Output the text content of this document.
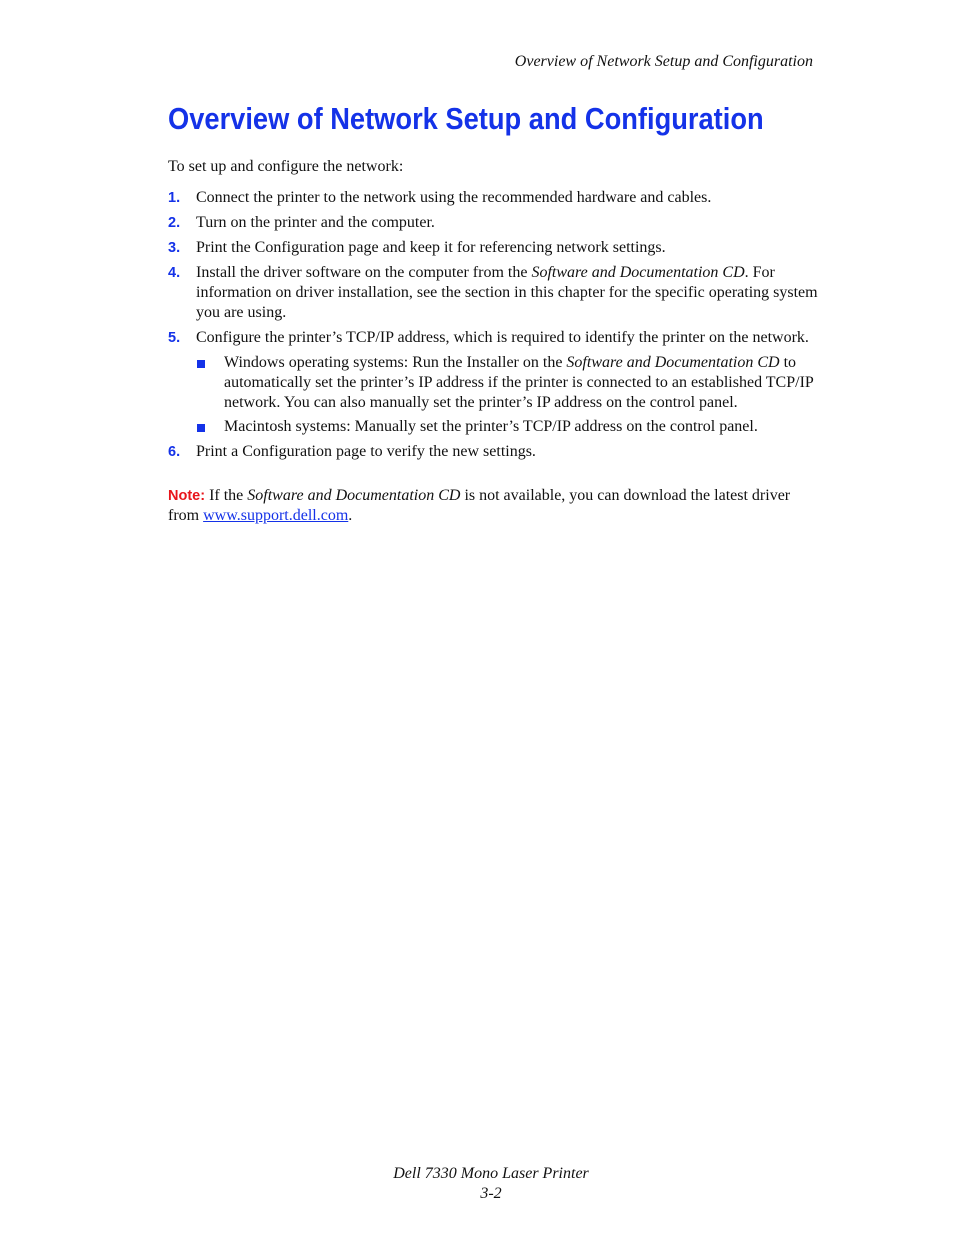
Overview of Network Setup and Configuration
Overview of Network Setup and Configuration

To set up and configure the network:

1. Connect the printer to the network using the recommended hardware and cables.
2. Turn on the printer and the computer.
3. Print the Configuration page and keep it for referencing network settings.
4. Install the driver software on the computer from the Software and Documentation CD. For information on driver installation, see the section in this chapter for the specific operating system you are using.
5. Configure the printer’s TCP/IP address, which is required to identify the printer on the network.
Windows operating systems: Run the Installer on the Software and Documentation CD to automatically set the printer’s IP address if the printer is connected to an established TCP/IP network. You can also manually set the printer’s IP address on the control panel.
Macintosh systems: Manually set the printer’s TCP/IP address on the control panel.
6. Print a Configuration page to verify the new settings.

Note: If the Software and Documentation CD is not available, you can download the latest driver from www.support.dell.com.

Dell 7330 Mono Laser Printer
3-2
